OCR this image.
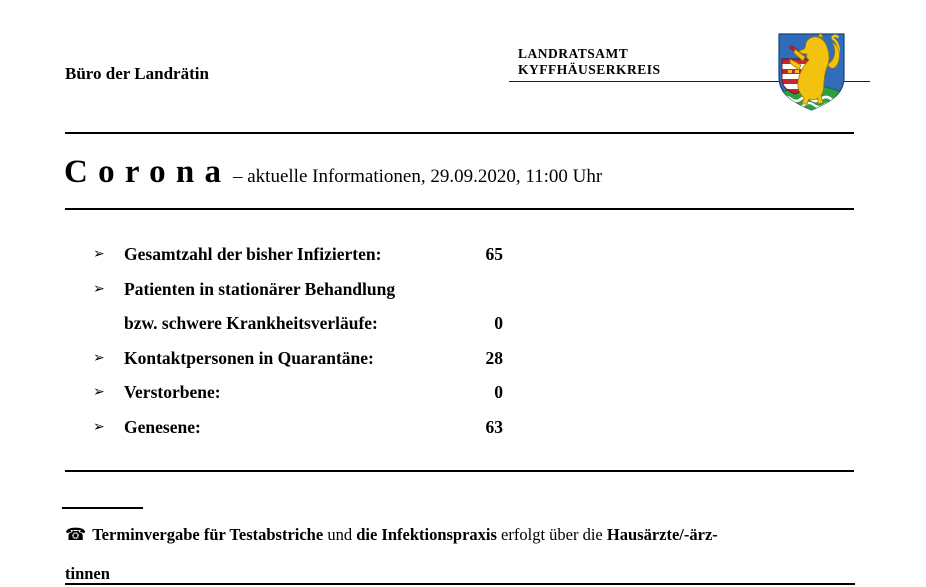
Büro der Landrätin
LANDRATSAMT
KYFFHÄUSERKREIS
C o r o n a – aktuelle Informationen, 29.09.2020, 11:00 Uhr
➢ Gesamtzahl der bisher Infizierten:	65
➢ Patienten in stationärer Behandlung
bzw. schwere Krankheitsverläufe:	0
➢ Kontaktpersonen in Quarantäne:	28
➢ Verstorbene:	0
➢ Genesene:	63
☎ Terminvergabe für Testabstriche und die Infektionspraxis erfolgt über die Hausärzte/-ärz-
tinnen
